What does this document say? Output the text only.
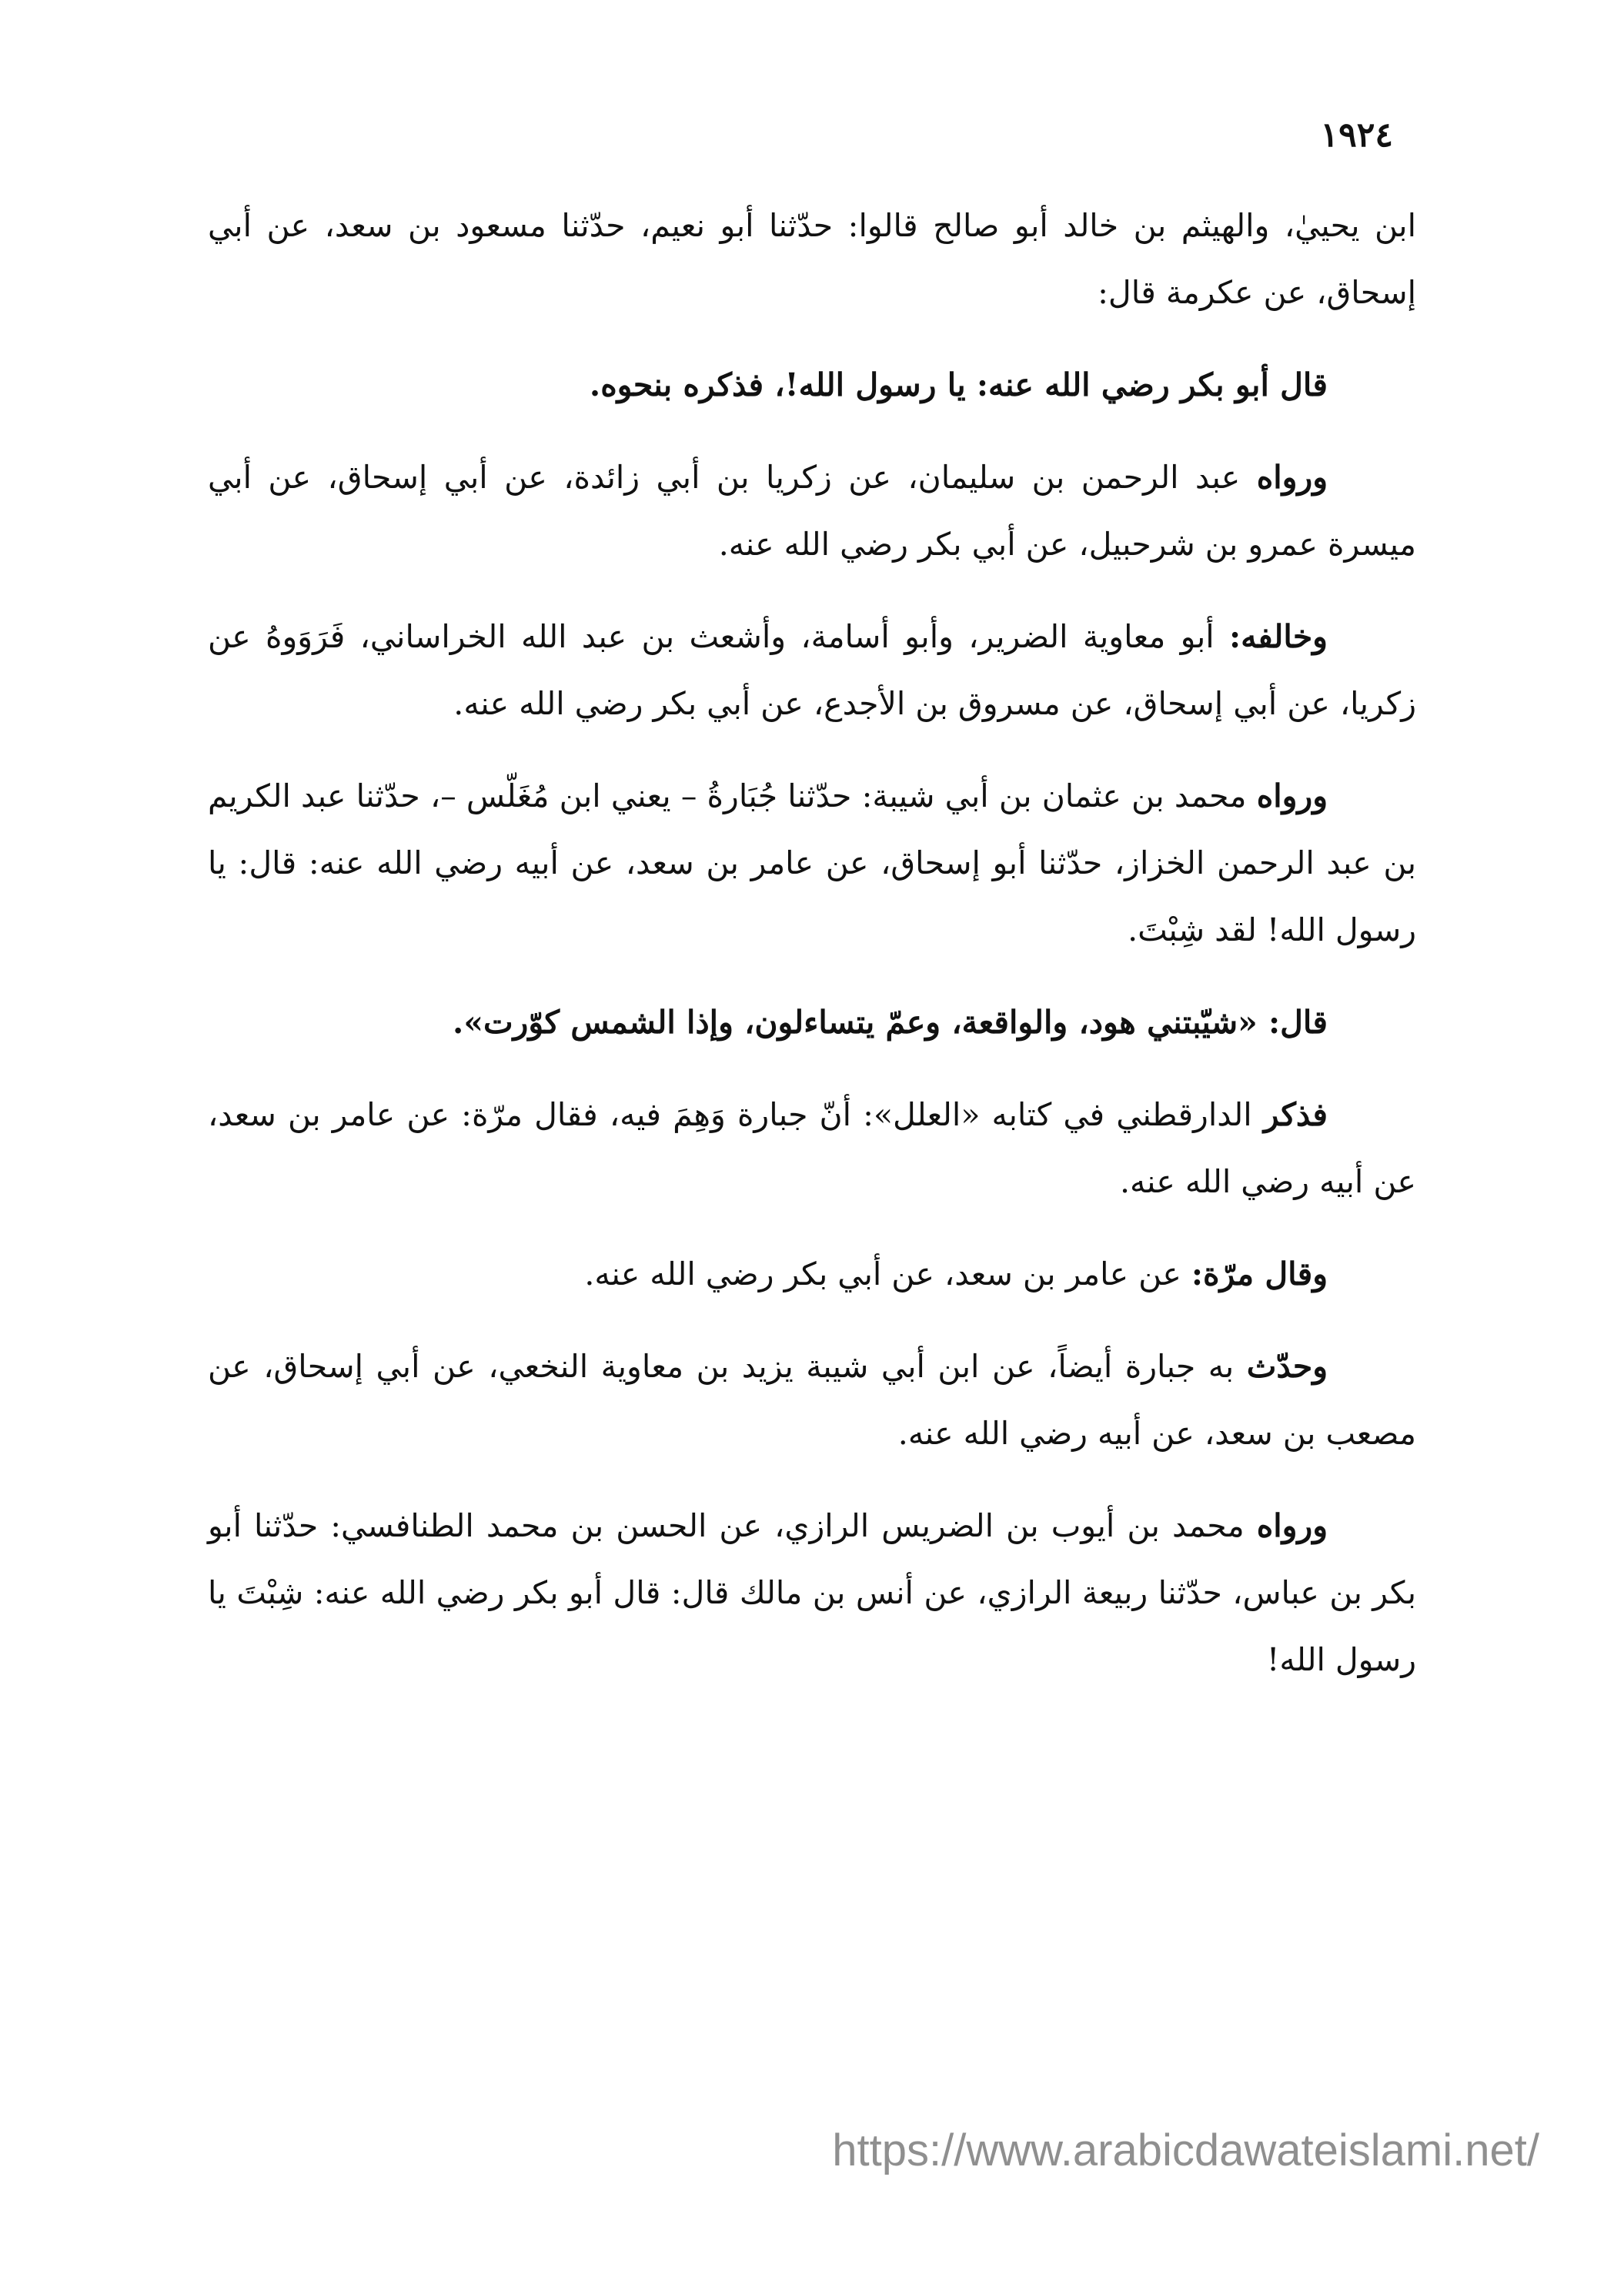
١٩٢٤

ابن يحييٰ، والهيثم بن خالد أبو صالح قالوا: حدّثنا أبو نعيم، حدّثنا مسعود بن سعد، عن أبي إسحاق، عن عكرمة قال:

قال أبو بكر رضي الله عنه: يا رسول الله!، فذكره بنحوه.

ورواه عبد الرحمن بن سليمان، عن زكريا بن أبي زائدة، عن أبي إسحاق، عن أبي ميسرة عمرو بن شرحبيل، عن أبي بكر رضي الله عنه.

وخالفه: أبو معاوية الضرير، وأبو أسامة، وأشعث بن عبد الله الخراساني، فَرَوَوهُ عن زكريا، عن أبي إسحاق، عن مسروق بن الأجدع، عن أبي بكر رضي الله عنه.

ورواه محمد بن عثمان بن أبي شيبة: حدّثنا جُبَارةُ – يعني ابن مُغَلّس –، حدّثنا عبد الكريم بن عبد الرحمن الخزاز، حدّثنا أبو إسحاق، عن عامر بن سعد، عن أبيه رضي الله عنه: قال: يا رسول الله! لقد شِبْتَ.

قال: «شيّبتني هود، والواقعة، وعمّ يتساءلون، وإذا الشمس كوّرت».

فذكر الدارقطني في كتابه «العلل»: أنّ جبارة وَهِمَ فيه، فقال مرّة: عن عامر بن سعد، عن أبيه رضي الله عنه.

وقال مرّة: عن عامر بن سعد، عن أبي بكر رضي الله عنه.

وحدّث به جبارة أيضاً، عن ابن أبي شيبة يزيد بن معاوية النخعي، عن أبي إسحاق، عن مصعب بن سعد، عن أبيه رضي الله عنه.

ورواه محمد بن أيوب بن الضريس الرازي، عن الحسن بن محمد الطنافسي: حدّثنا أبو بكر بن عباس، حدّثنا ربيعة الرازي، عن أنس بن مالك قال: قال أبو بكر رضي الله عنه: شِبْتَ يا رسول الله!

https://www.arabicdawateislami.net/
